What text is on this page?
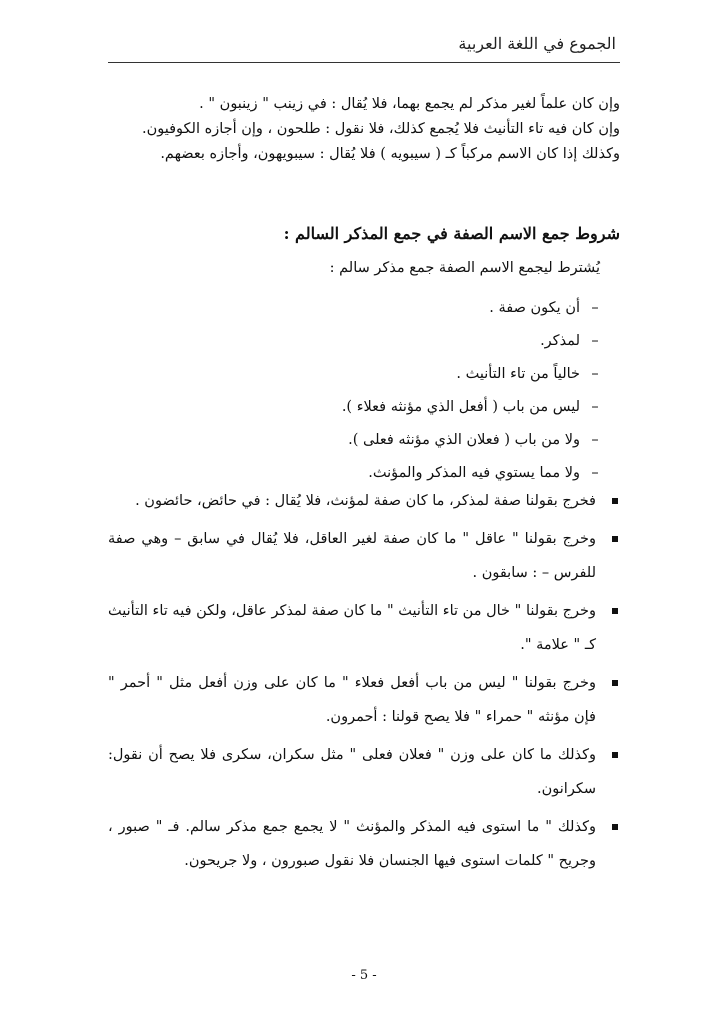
الجموع في اللغة العربية
وإن كان علماً لغير مذكر لم يجمع بهما، فلا يُقال : في زينب " زينبون " .
وإن كان فيه تاء التأنيث فلا يُجمع كذلك، فلا نقول : طلحون ، وإن أجازه الكوفيون.
وكذلك إذا كان الاسم مركباً كـ ( سيبويه ) فلا يُقال : سيبويهون، وأجازه بعضهم.
شروط جمع الاسم الصفة في جمع المذكر السالم :
يُشترط ليجمع الاسم الصفة جمع مذكر سالم :
–أن يكون صفة .
–لمذكر.
–خالياً من تاء التأنيث .
–ليس من باب ( أفعل الذي مؤنثه فعلاء ).
–ولا من باب ( فعلان الذي مؤنثه فعلى ).
–ولا مما يستوي فيه المذكر والمؤنث.
فخرج بقولنا صفة لمذكر، ما كان صفة لمؤنث، فلا يُقال : في حائض، حائضون .
وخرج بقولنا " عاقل " ما كان صفة لغير العاقل، فلا يُقال في سابق – وهي صفة للفرس – : سابقون .
وخرج بقولنا " خال من تاء التأنيث " ما كان صفة لمذكر عاقل، ولكن فيه تاء التأنيث كـ " علامة ".
وخرج بقولنا " ليس من باب أفعل فعلاء " ما كان على وزن أفعل مثل " أحمر " فإن مؤنثه " حمراء " فلا يصح قولنا : أحمرون.
وكذلك ما كان على وزن " فعلان فعلى " مثل سكران، سكرى فلا يصح أن نقول: سكرانون.
وكذلك " ما استوى فيه المذكر والمؤنث " لا يجمع جمع مذكر سالم. فـ " صبور ، وجريح " كلمات استوى فيها الجنسان فلا نقول صبورون ، ولا جريحون.
- 5 -
